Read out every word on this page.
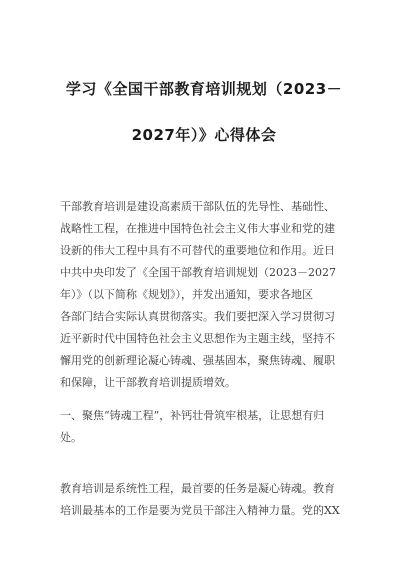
学习《全国干部教育培训规划（2023－
2027年）》心得体会
干部教育培训是建设高素质干部队伍的先导性、基础性、
战略性工程，在推进中国特色社会主义伟大事业和党的建
设新的伟大工程中具有不可替代的重要地位和作用。近日
中共中央印发了《全国干部教育培训规划（2023－2027
年）》（以下简称《规划》），并发出通知，要求各地区
各部门结合实际认真贯彻落实。我们要把深入学习贯彻习
近平新时代中国特色社会主义思想作为主题主线，坚持不
懈用党的创新理论凝心铸魂、强基固本，聚焦铸魂、履职
和保障，让干部教育培训提质增效。
一、聚焦“铸魂工程”，补钙壮骨筑牢根基，让思想有归
处。
教育培训是系统性工程，最首要的任务是凝心铸魂。教育
培训最基本的工作是要为党员干部注入精神力量。党的XX
